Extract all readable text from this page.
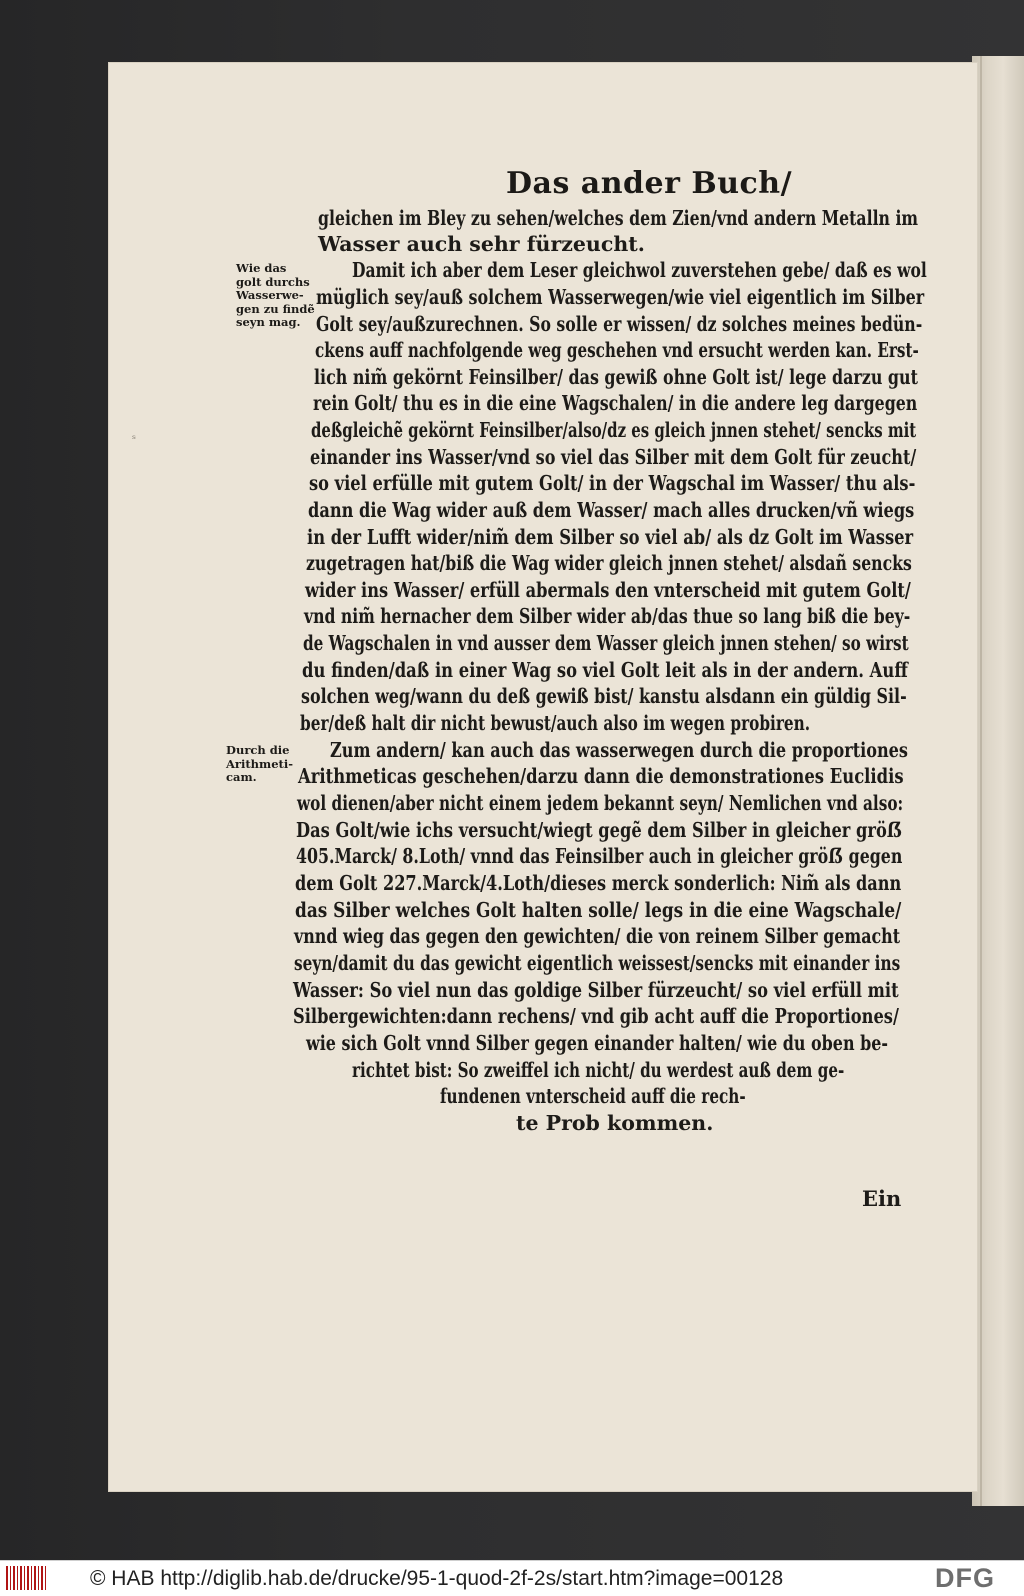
Das ander Buch/
Wie das
golt durchs
Wasserwe-
gen zu findẽ
seyn mag.
Durch die
Arithmeti-
cam.
ˢ
gleichen im Bley zu sehen/welches dem Zien/vnd andern Metalln im
Wasser auch sehr fürzeucht.
Damit ich aber dem Leser gleichwol zuverstehen gebe/ daß es wol
müglich sey/auß solchem Wasserwegen/wie viel eigentlich im Silber
Golt sey/außzurechnen. So solle er wissen/ dz solches meines bedün-
ckens auff nachfolgende weg geschehen vnd ersucht werden kan. Erst-
lich nim̃ gekörnt Feinsilber/ das gewiß ohne Golt ist/ lege darzu gut
rein Golt/ thu es in die eine Wagschalen/ in die andere leg dargegen
deßgleichẽ gekörnt Feinsilber/also/dz es gleich jnnen stehet/ sencks mit
einander ins Wasser/vnd so viel das Silber mit dem Golt für zeucht/
so viel erfülle mit gutem Golt/ in der Wagschal im Wasser/ thu als-
dann die Wag wider auß dem Wasser/ mach alles drucken/vñ wiegs
in der Lufft wider/nim̃ dem Silber so viel ab/ als dz Golt im Wasser
zugetragen hat/biß die Wag wider gleich jnnen stehet/ alsdañ sencks
wider ins Wasser/ erfüll abermals den vnterscheid mit gutem Golt/
vnd nim̃ hernacher dem Silber wider ab/das thue so lang biß die bey-
de Wagschalen in vnd ausser dem Wasser gleich jnnen stehen/ so wirst
du finden/daß in einer Wag so viel Golt leit als in der andern. Auff
solchen weg/wann du deß gewiß bist/ kanstu alsdann ein güldig Sil-
ber/deß halt dir nicht bewust/auch also im wegen probiren.
Zum andern/ kan auch das wasserwegen durch die proportiones
Arithmeticas geschehen/darzu dann die demonstrationes Euclidis
wol dienen/aber nicht einem jedem bekannt seyn/ Nemlichen vnd also:
Das Golt/wie ichs versucht/wiegt gegẽ dem Silber in gleicher gröẞ
405.Marck/ 8.Loth/ vnnd das Feinsilber auch in gleicher gröẞ gegen
dem Golt 227.Marck/4.Loth/dieses merck sonderlich: Nim̃ als dann
das Silber welches Golt halten solle/ legs in die eine Wagschale/
vnnd wieg das gegen den gewichten/ die von reinem Silber gemacht
seyn/damit du das gewicht eigentlich weissest/sencks mit einander ins
Wasser: So viel nun das goldige Silber fürzeucht/ so viel erfüll mit
Silbergewichten:dann rechens/ vnd gib acht auff die Proportiones/
wie sich Golt vnnd Silber gegen einander halten/ wie du oben be-
richtet bist: So zweiffel ich nicht/ du werdest auß dem ge-
fundenen vnterscheid auff die rech-
te Prob kommen.
Ein
© HAB http://diglib.hab.de/drucke/95-1-quod-2f-2s/start.htm?image=00128	DFG
